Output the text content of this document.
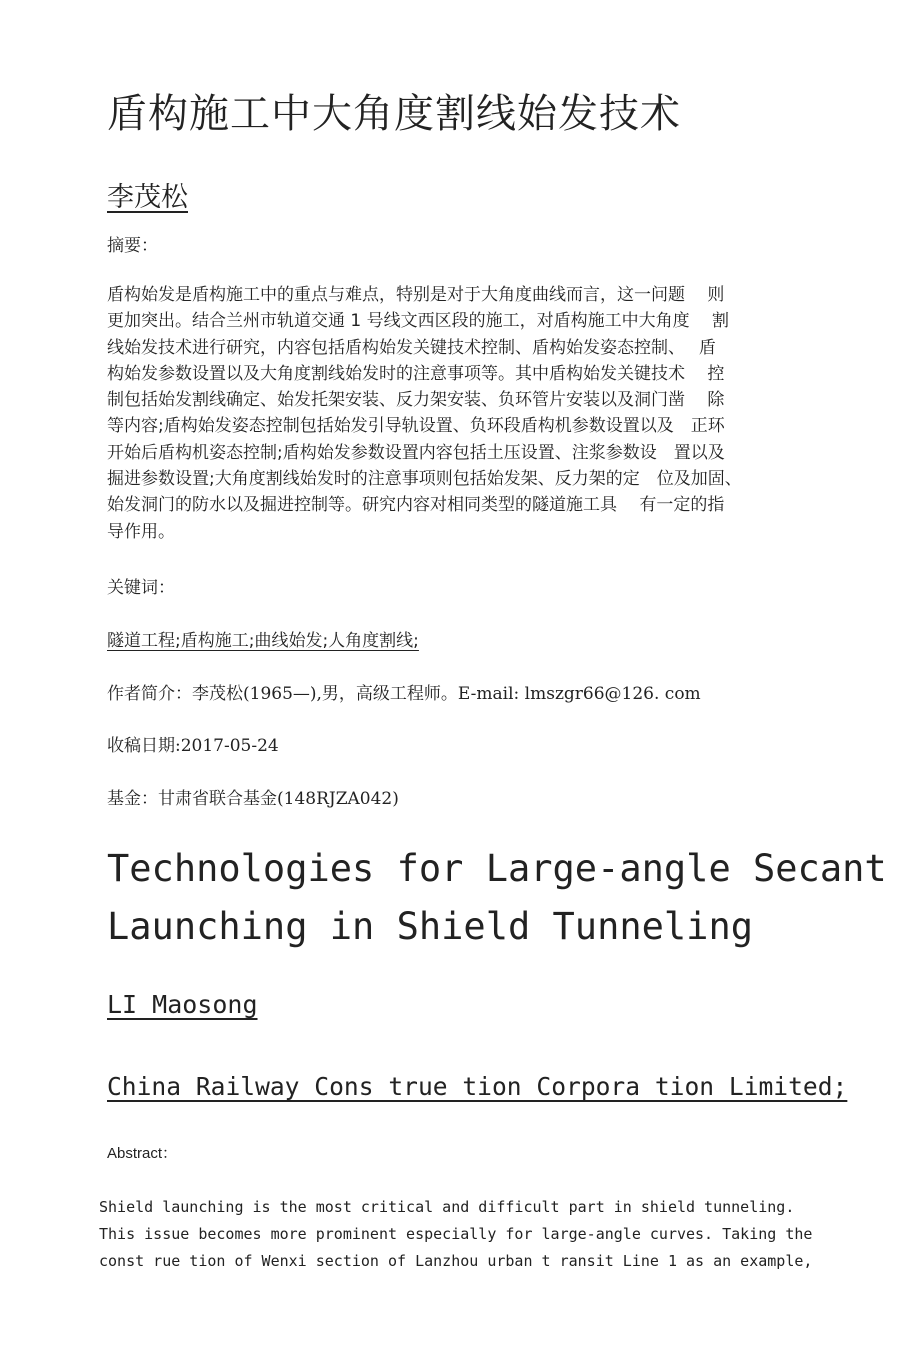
盾构施工中大角度割线始发技术
李茂松
摘要：
盾构始发是盾构施工中的重点与难点，特别是对于大角度曲线而言，这一问题　 则
更加突出。结合兰州市轨道交通 1 号线文西区段的施工，对盾构施工中大角度　 割
线始发技术进行研究，内容包括盾构始发关键技术控制、盾构始发姿态控制、　 盾
构始发参数设置以及大角度割线始发时的注意事项等。其中盾构始发关键技术　 控
制包括始发割线确定、始发托架安装、反力架安装、负环管片安装以及洞门凿　 除
等内容;盾构始发姿态控制包括始发引导轨设置、负环段盾构机参数设置以及　正环
开始后盾构机姿态控制;盾构始发参数设置内容包括土压设置、注浆参数设　置以及
掘进参数设置;大角度割线始发时的注意事项则包括始发架、反力架的定　位及加固、
始发洞门的防水以及掘进控制等。研究内容对相同类型的隧道施工具　 有一定的指
导作用。
关键词：
隧道工程;盾构施工;曲线始发;人角度割线;
作者简介：李茂松(1965—),男，高级工程师。E-mail: lmszgr66@126. com
收稿日期:2017-05-24
基金：甘肃省联合基金(148RJZA042)
Technologies for Large-angle Secant
Launching in Shield Tunneling
LI Maosong
China Railway Cons true tion Corpora tion Limited;
Abstract：
Shield launching is the most critical and difficult part in shield tunneling.
This issue becomes more prominent especially for large-angle curves. Taking the
const rue tion of Wenxi section of Lanzhou urban t ransit Line 1 as an example,
